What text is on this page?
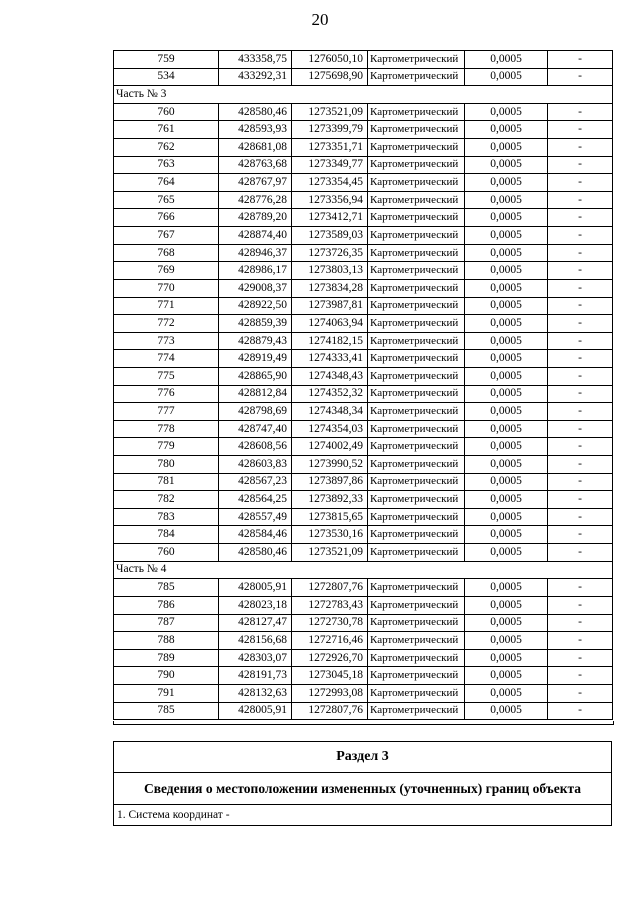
20
759	433358,75	1276050,10	Картометрический	0,0005	-
534	433292,31	1275698,90	Картометрический	0,0005	-
Часть № 3					
760	428580,46	1273521,09	Картометрический	0,0005	-
761	428593,93	1273399,79	Картометрический	0,0005	-
762	428681,08	1273351,71	Картометрический	0,0005	-
763	428763,68	1273349,77	Картометрический	0,0005	-
764	428767,97	1273354,45	Картометрический	0,0005	-
765	428776,28	1273356,94	Картометрический	0,0005	-
766	428789,20	1273412,71	Картометрический	0,0005	-
767	428874,40	1273589,03	Картометрический	0,0005	-
768	428946,37	1273726,35	Картометрический	0,0005	-
769	428986,17	1273803,13	Картометрический	0,0005	-
770	429008,37	1273834,28	Картометрический	0,0005	-
771	428922,50	1273987,81	Картометрический	0,0005	-
772	428859,39	1274063,94	Картометрический	0,0005	-
773	428879,43	1274182,15	Картометрический	0,0005	-
774	428919,49	1274333,41	Картометрический	0,0005	-
775	428865,90	1274348,43	Картометрический	0,0005	-
776	428812,84	1274352,32	Картометрический	0,0005	-
777	428798,69	1274348,34	Картометрический	0,0005	-
778	428747,40	1274354,03	Картометрический	0,0005	-
779	428608,56	1274002,49	Картометрический	0,0005	-
780	428603,83	1273990,52	Картометрический	0,0005	-
781	428567,23	1273897,86	Картометрический	0,0005	-
782	428564,25	1273892,33	Картометрический	0,0005	-
783	428557,49	1273815,65	Картометрический	0,0005	-
784	428584,46	1273530,16	Картометрический	0,0005	-
760	428580,46	1273521,09	Картометрический	0,0005	-
Часть № 4					
785	428005,91	1272807,76	Картометрический	0,0005	-
786	428023,18	1272783,43	Картометрический	0,0005	-
787	428127,47	1272730,78	Картометрический	0,0005	-
788	428156,68	1272716,46	Картометрический	0,0005	-
789	428303,07	1272926,70	Картометрический	0,0005	-
790	428191,73	1273045,18	Картометрический	0,0005	-
791	428132,63	1272993,08	Картометрический	0,0005	-
785	428005,91	1272807,76	Картометрический	0,0005	-
Раздел 3
Сведения о местоположении измененных (уточненных) границ объекта
1. Система координат -
